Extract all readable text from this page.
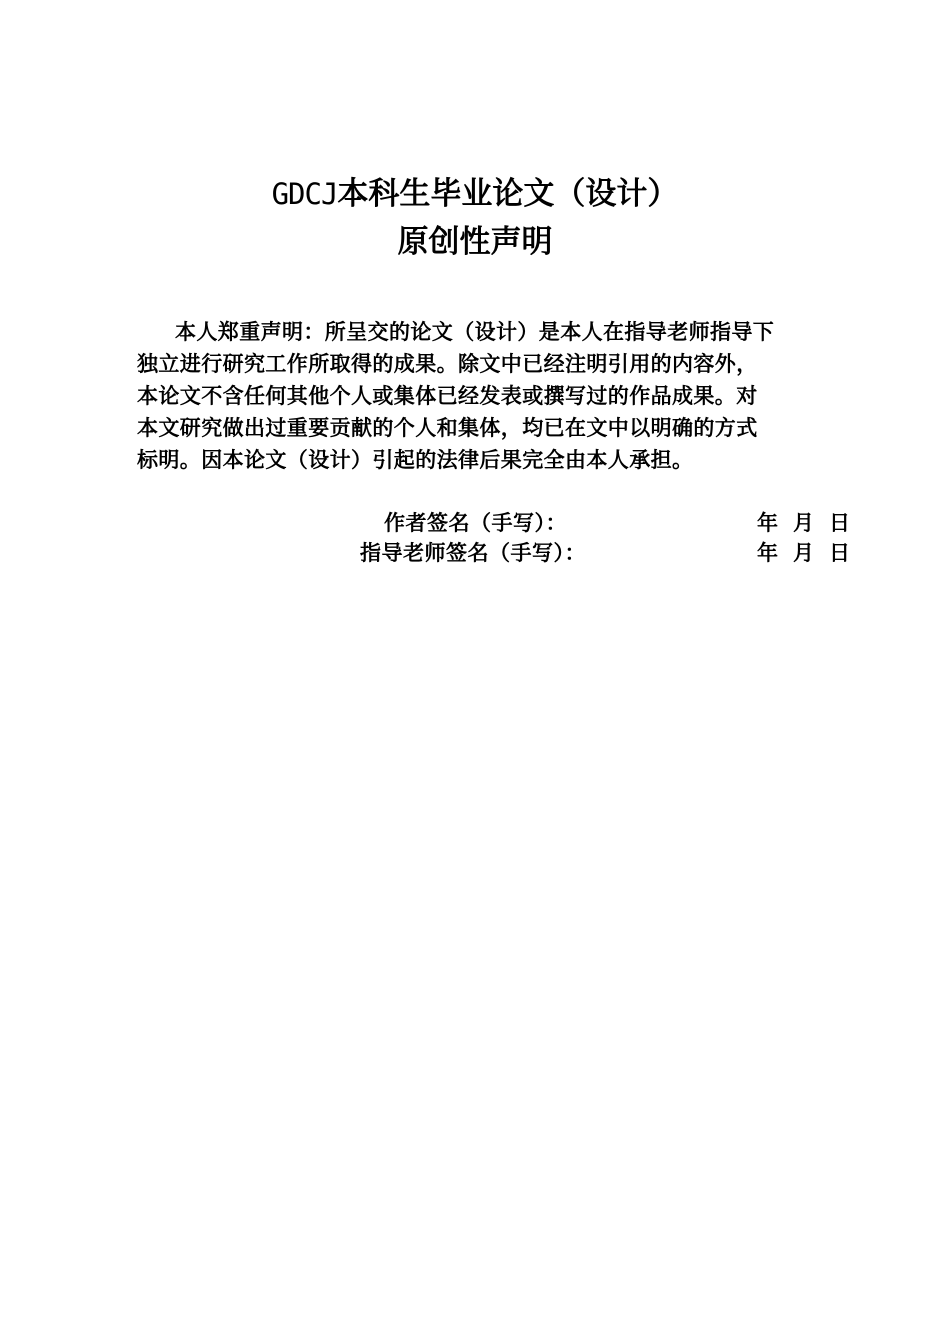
GDCJ本科生毕业论文（设计）
原创性声明
本人郑重声明：所呈交的论文（设计）是本人在指导老师指导下
独立进行研究工作所取得的成果。除文中已经注明引用的内容外，
本论文不含任何其他个人或集体已经发表或撰写过的作品成果。对
本文研究做出过重要贡献的个人和集体，均已在文中以明确的方式
标明。因本论文（设计）引起的法律后果完全由本人承担。
作者签名（手写）：	年 月 日
指导老师签名（手写）：	年 月 日
